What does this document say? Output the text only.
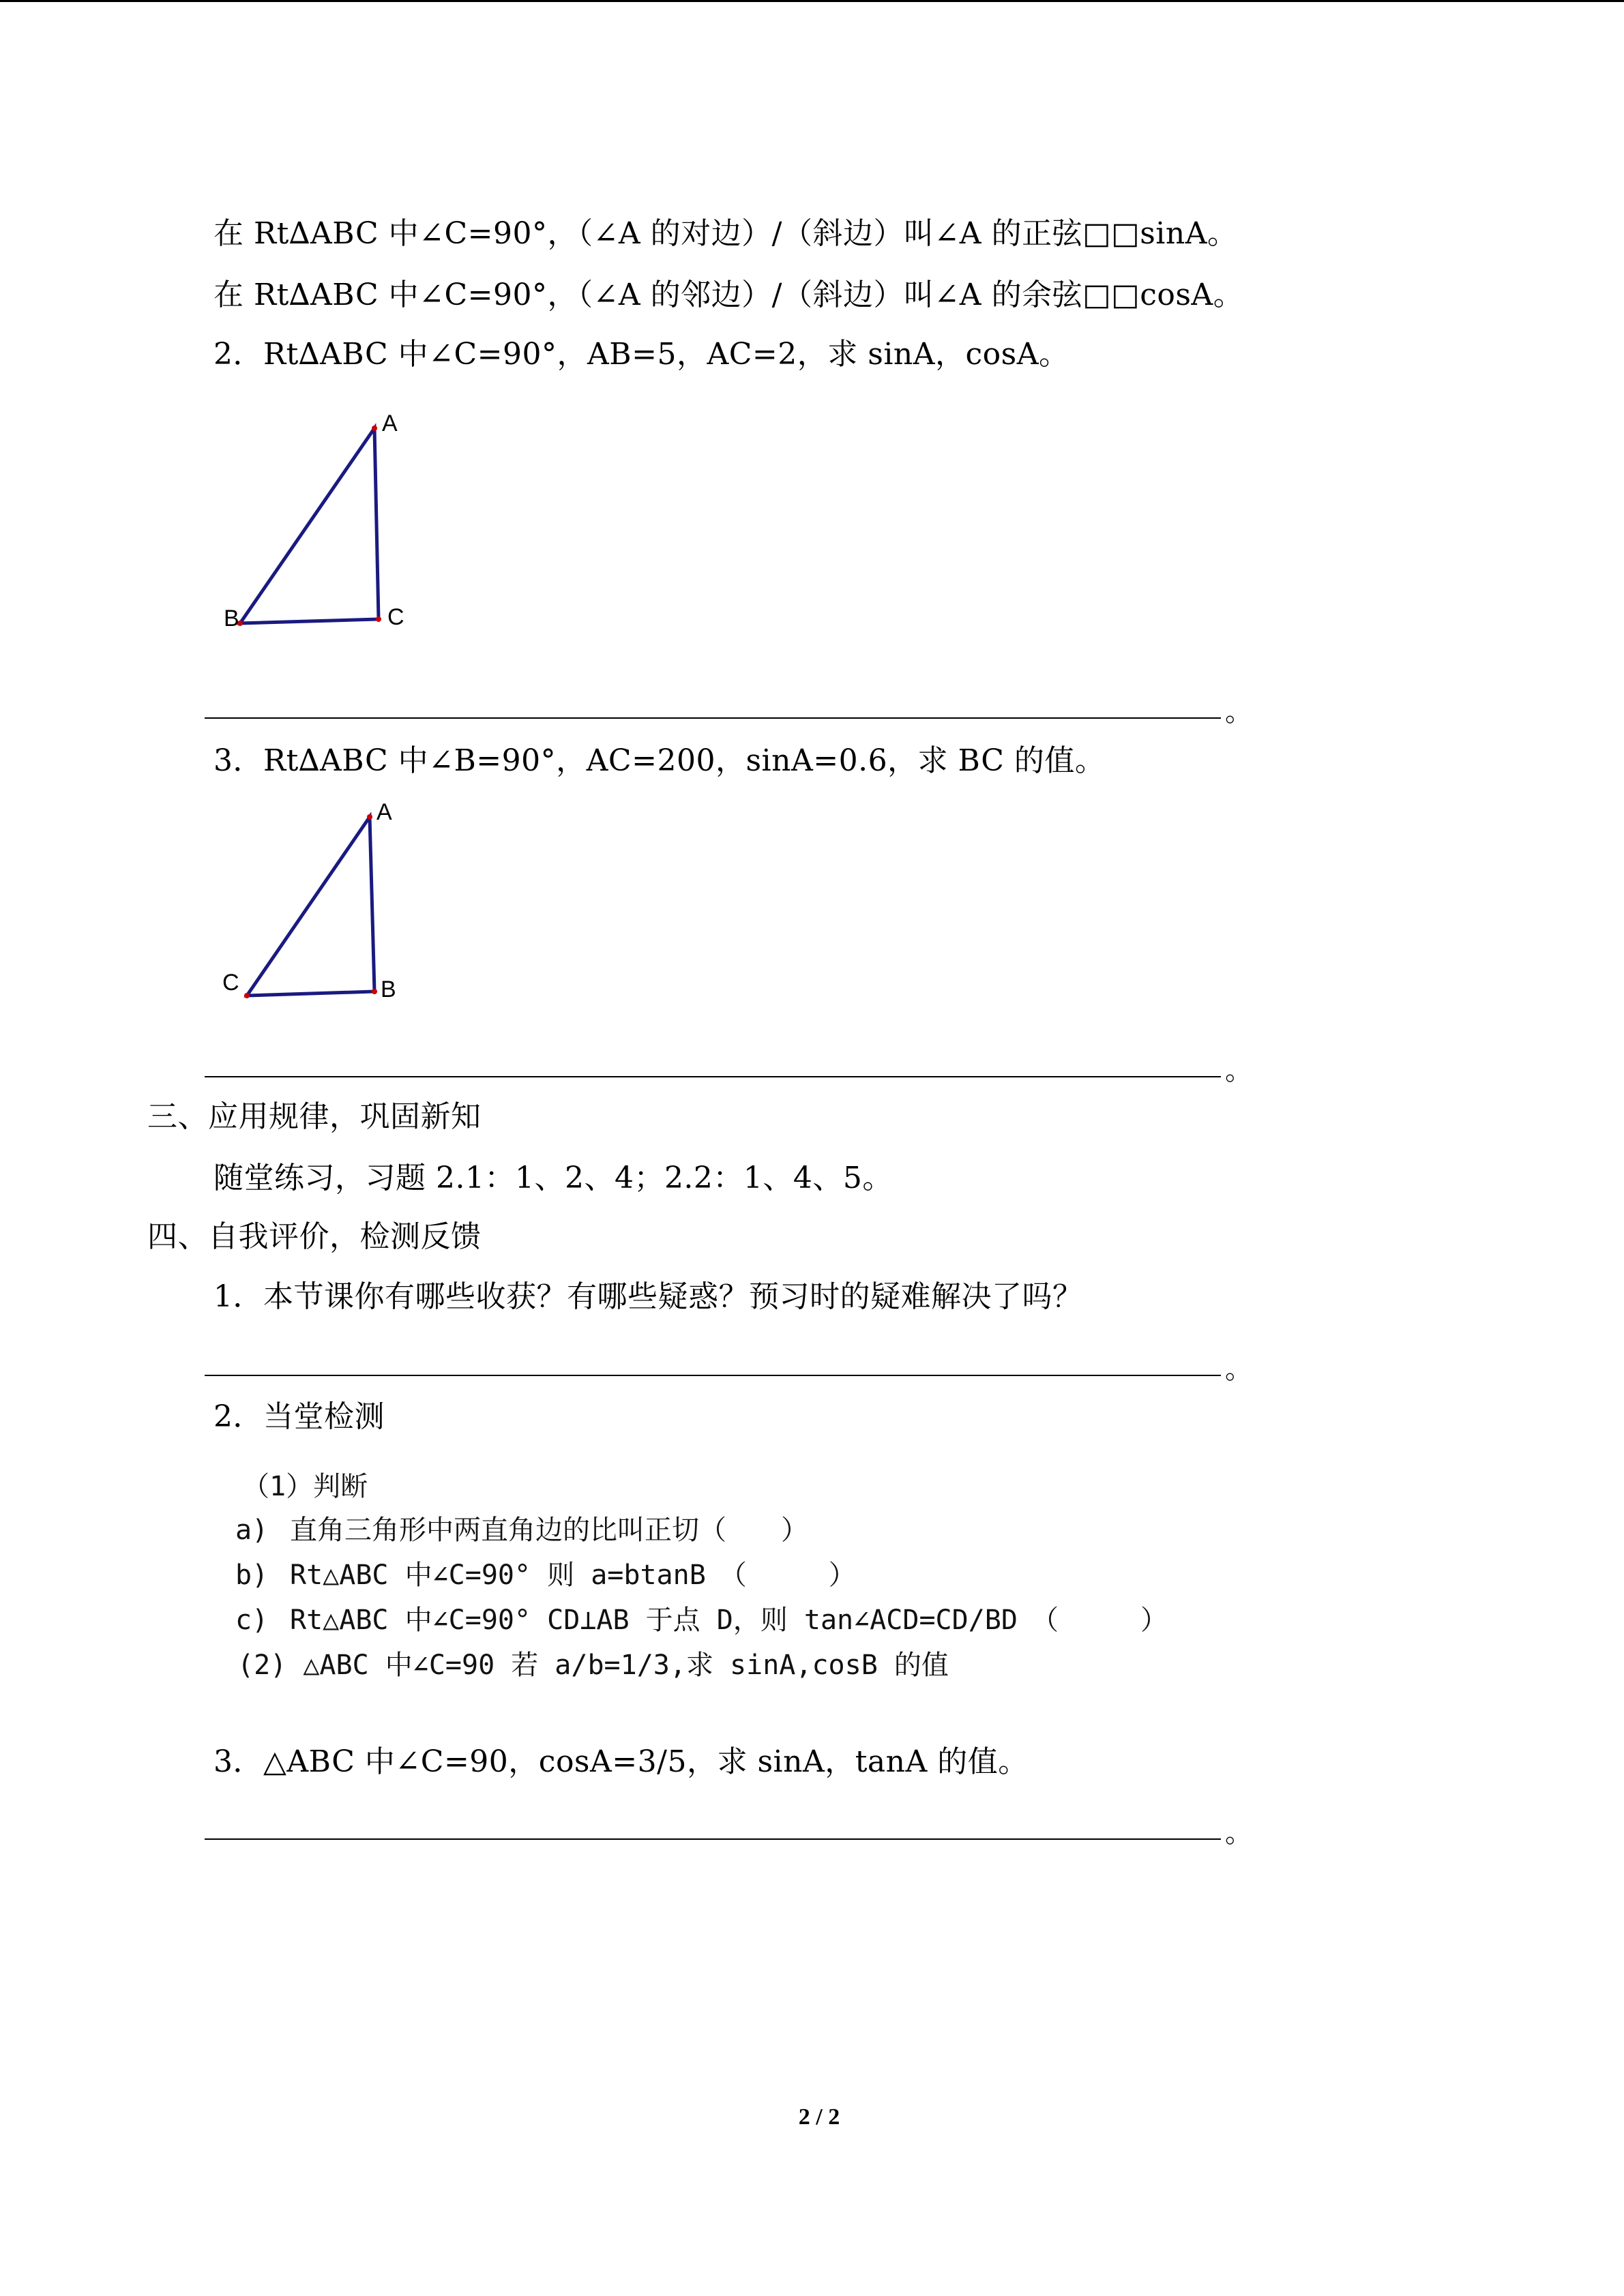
在 Rt∆ABC 中∠C=90°，（∠A 的对边）/（斜边）叫∠A 的正弦□□sinA。
在 Rt∆ABC 中∠C=90°，（∠A 的邻边）/（斜边）叫∠A 的余弦□□cosA。
2．Rt∆ABC 中∠C=90°，AB=5，AC=2，求 sinA，cosA。
A
B	C
。
3．Rt∆ABC 中∠B=90°，AC=200，sinA=0.6，求 BC 的值。
A
C	B
。
三、应用规律，巩固新知
随堂练习，习题 2.1：1、2、4；2.2：1、4、5。
四、自我评价，检测反馈
1．本节课你有哪些收获？有哪些疑惑？预习时的疑难解决了吗？
。
2．当堂检测
（1）判断
a) 直角三角形中两直角边的比叫正切（　　）
b) Rt△ABC 中∠C=90° 则 a=btanB　（　　　）
c) Rt△ABC 中∠C=90° CD⊥AB 于点 D，则 tan∠ACD=CD/BD　（　　　）
(2) △ABC 中∠C=90 若 a/b=1/3,求 sinA,cosB 的值
3．△ABC 中∠C=90，cosA=3/5，求 sinA，tanA 的值。
。
2 / 2
